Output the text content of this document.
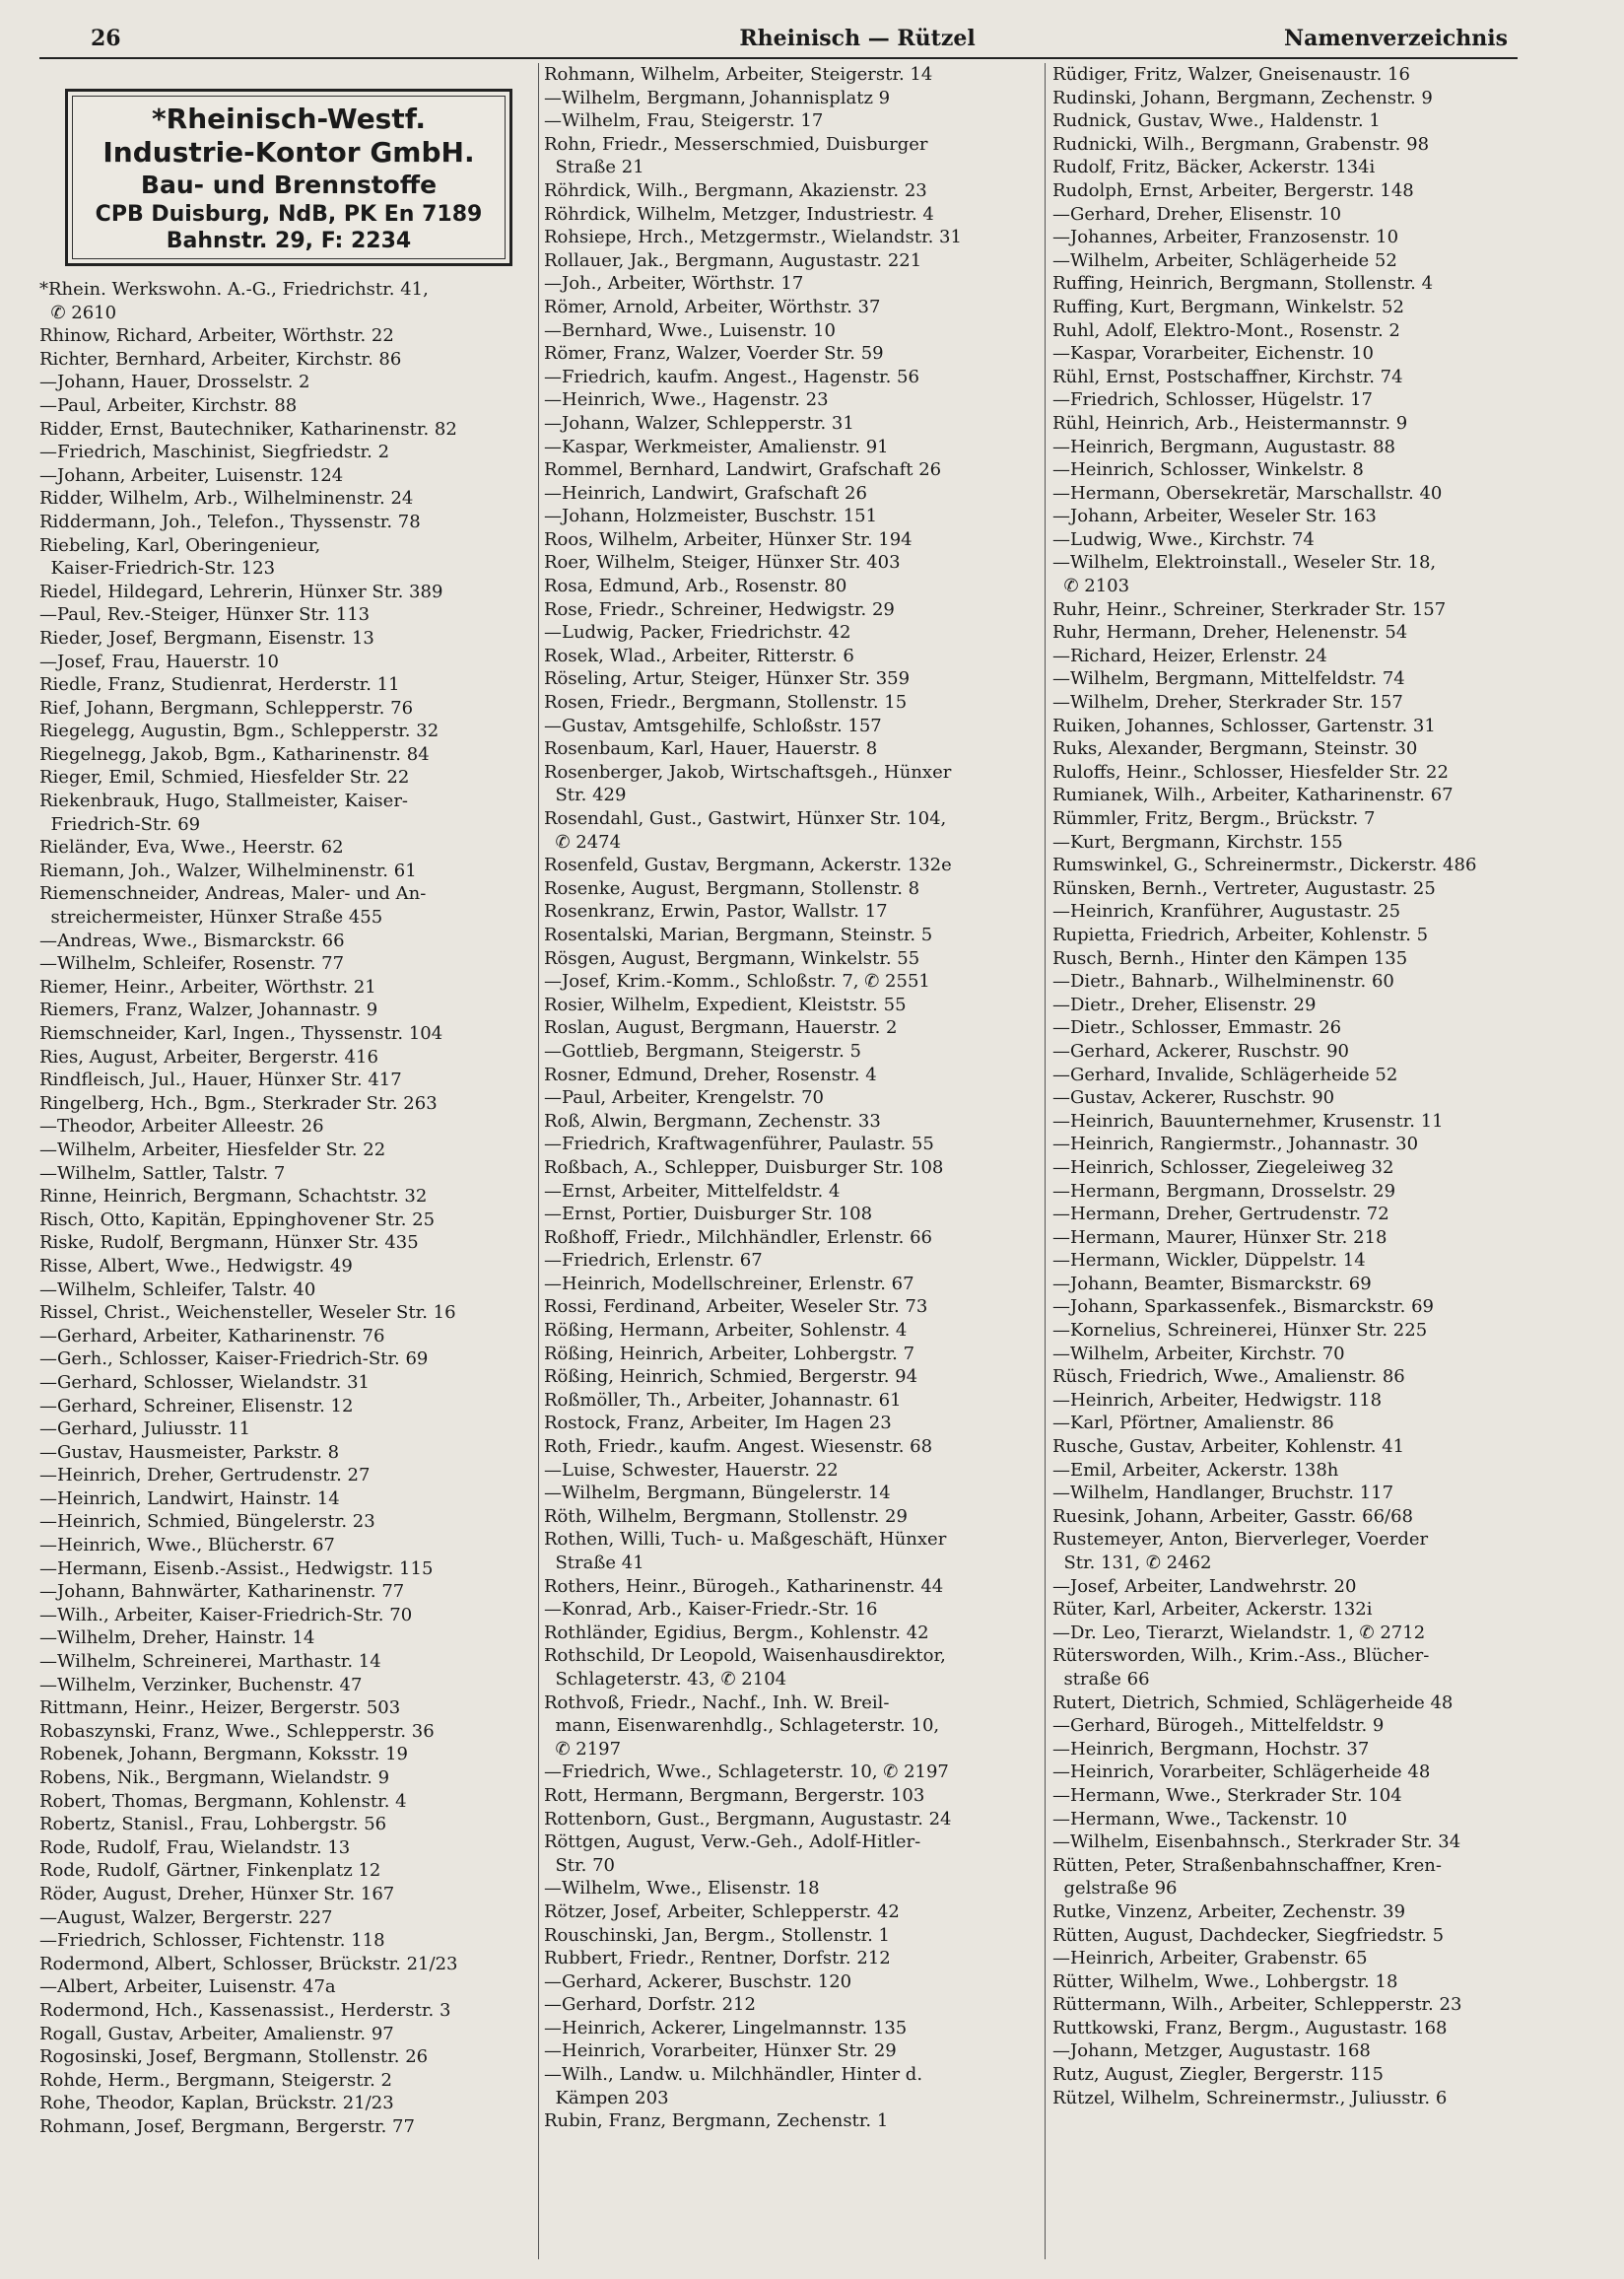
26	Rheinisch — Rützel	Namenverzeichnis
*Rheinisch-Westf.
Industrie-Kontor GmbH.
Bau- und Brennstoffe
CPB Duisburg, NdB, PK En 7189
Bahnstr. 29, F: 2234
*Rhein. Werkswohn. A.-G., Friedrichstr. 41,
✆ 2610
Rhinow, Richard, Arbeiter, Wörthstr. 22
Richter, Bernhard, Arbeiter, Kirchstr. 86
—Johann, Hauer, Drosselstr. 2
—Paul, Arbeiter, Kirchstr. 88
Ridder, Ernst, Bautechniker, Katharinenstr. 82
—Friedrich, Maschinist, Siegfriedstr. 2
—Johann, Arbeiter, Luisenstr. 124
Ridder, Wilhelm, Arb., Wilhelminenstr. 24
Riddermann, Joh., Telefon., Thyssenstr. 78
Riebeling, Karl, Oberingenieur,
Kaiser-Friedrich-Str. 123
Riedel, Hildegard, Lehrerin, Hünxer Str. 389
—Paul, Rev.-Steiger, Hünxer Str. 113
Rieder, Josef, Bergmann, Eisenstr. 13
—Josef, Frau, Hauerstr. 10
Riedle, Franz, Studienrat, Herderstr. 11
Rief, Johann, Bergmann, Schlepperstr. 76
Riegelegg, Augustin, Bgm., Schlepperstr. 32
Riegelnegg, Jakob, Bgm., Katharinenstr. 84
Rieger, Emil, Schmied, Hiesfelder Str. 22
Riekenbrauk, Hugo, Stallmeister, Kaiser-
Friedrich-Str. 69
Rieländer, Eva, Wwe., Heerstr. 62
Riemann, Joh., Walzer, Wilhelminenstr. 61
Riemenschneider, Andreas, Maler- und An-
streichermeister, Hünxer Straße 455
—Andreas, Wwe., Bismarckstr. 66
—Wilhelm, Schleifer, Rosenstr. 77
Riemer, Heinr., Arbeiter, Wörthstr. 21
Riemers, Franz, Walzer, Johannastr. 9
Riemschneider, Karl, Ingen., Thyssenstr. 104
Ries, August, Arbeiter, Bergerstr. 416
Rindfleisch, Jul., Hauer, Hünxer Str. 417
Ringelberg, Hch., Bgm., Sterkrader Str. 263
—Theodor, Arbeiter Alleestr. 26
—Wilhelm, Arbeiter, Hiesfelder Str. 22
—Wilhelm, Sattler, Talstr. 7
Rinne, Heinrich, Bergmann, Schachtstr. 32
Risch, Otto, Kapitän, Eppinghovener Str. 25
Riske, Rudolf, Bergmann, Hünxer Str. 435
Risse, Albert, Wwe., Hedwigstr. 49
—Wilhelm, Schleifer, Talstr. 40
Rissel, Christ., Weichensteller, Weseler Str. 16
—Gerhard, Arbeiter, Katharinenstr. 76
—Gerh., Schlosser, Kaiser-Friedrich-Str. 69
—Gerhard, Schlosser, Wielandstr. 31
—Gerhard, Schreiner, Elisenstr. 12
—Gerhard, Juliusstr. 11
—Gustav, Hausmeister, Parkstr. 8
—Heinrich, Dreher, Gertrudenstr. 27
—Heinrich, Landwirt, Hainstr. 14
—Heinrich, Schmied, Büngelerstr. 23
—Heinrich, Wwe., Blücherstr. 67
—Hermann, Eisenb.-Assist., Hedwigstr. 115
—Johann, Bahnwärter, Katharinenstr. 77
—Wilh., Arbeiter, Kaiser-Friedrich-Str. 70
—Wilhelm, Dreher, Hainstr. 14
—Wilhelm, Schreinerei, Marthastr. 14
—Wilhelm, Verzinker, Buchenstr. 47
Rittmann, Heinr., Heizer, Bergerstr. 503
Robaszynski, Franz, Wwe., Schlepperstr. 36
Robenek, Johann, Bergmann, Koksstr. 19
Robens, Nik., Bergmann, Wielandstr. 9
Robert, Thomas, Bergmann, Kohlenstr. 4
Robertz, Stanisl., Frau, Lohbergstr. 56
Rode, Rudolf, Frau, Wielandstr. 13
Rode, Rudolf, Gärtner, Finkenplatz 12
Röder, August, Dreher, Hünxer Str. 167
—August, Walzer, Bergerstr. 227
—Friedrich, Schlosser, Fichtenstr. 118
Rodermond, Albert, Schlosser, Brückstr. 21/23
—Albert, Arbeiter, Luisenstr. 47a
Rodermond, Hch., Kassenassist., Herderstr. 3
Rogall, Gustav, Arbeiter, Amalienstr. 97
Rogosinski, Josef, Bergmann, Stollenstr. 26
Rohde, Herm., Bergmann, Steigerstr. 2
Rohe, Theodor, Kaplan, Brückstr. 21/23
Rohmann, Josef, Bergmann, Bergerstr. 77
Rohmann, Wilhelm, Arbeiter, Steigerstr. 14
—Wilhelm, Bergmann, Johannisplatz 9
—Wilhelm, Frau, Steigerstr. 17
Rohn, Friedr., Messerschmied, Duisburger
Straße 21
Röhrdick, Wilh., Bergmann, Akazienstr. 23
Röhrdick, Wilhelm, Metzger, Industriestr. 4
Rohsiepe, Hrch., Metzgermstr., Wielandstr. 31
Rollauer, Jak., Bergmann, Augustastr. 221
—Joh., Arbeiter, Wörthstr. 17
Römer, Arnold, Arbeiter, Wörthstr. 37
—Bernhard, Wwe., Luisenstr. 10
Römer, Franz, Walzer, Voerder Str. 59
—Friedrich, kaufm. Angest., Hagenstr. 56
—Heinrich, Wwe., Hagenstr. 23
—Johann, Walzer, Schlepperstr. 31
—Kaspar, Werkmeister, Amalienstr. 91
Rommel, Bernhard, Landwirt, Grafschaft 26
—Heinrich, Landwirt, Grafschaft 26
—Johann, Holzmeister, Buschstr. 151
Roos, Wilhelm, Arbeiter, Hünxer Str. 194
Roer, Wilhelm, Steiger, Hünxer Str. 403
Rosa, Edmund, Arb., Rosenstr. 80
Rose, Friedr., Schreiner, Hedwigstr. 29
—Ludwig, Packer, Friedrichstr. 42
Rosek, Wlad., Arbeiter, Ritterstr. 6
Röseling, Artur, Steiger, Hünxer Str. 359
Rosen, Friedr., Bergmann, Stollenstr. 15
—Gustav, Amtsgehilfe, Schloßstr. 157
Rosenbaum, Karl, Hauer, Hauerstr. 8
Rosenberger, Jakob, Wirtschaftsgeh., Hünxer
Str. 429
Rosendahl, Gust., Gastwirt, Hünxer Str. 104,
✆ 2474
Rosenfeld, Gustav, Bergmann, Ackerstr. 132e
Rosenke, August, Bergmann, Stollenstr. 8
Rosenkranz, Erwin, Pastor, Wallstr. 17
Rosentalski, Marian, Bergmann, Steinstr. 5
Rösgen, August, Bergmann, Winkelstr. 55
—Josef, Krim.-Komm., Schloßstr. 7, ✆ 2551
Rosier, Wilhelm, Expedient, Kleiststr. 55
Roslan, August, Bergmann, Hauerstr. 2
—Gottlieb, Bergmann, Steigerstr. 5
Rosner, Edmund, Dreher, Rosenstr. 4
—Paul, Arbeiter, Krengelstr. 70
Roß, Alwin, Bergmann, Zechenstr. 33
—Friedrich, Kraftwagenführer, Paulastr. 55
Roßbach, A., Schlepper, Duisburger Str. 108
—Ernst, Arbeiter, Mittelfeldstr. 4
—Ernst, Portier, Duisburger Str. 108
Roßhoff, Friedr., Milchhändler, Erlenstr. 66
—Friedrich, Erlenstr. 67
—Heinrich, Modellschreiner, Erlenstr. 67
Rossi, Ferdinand, Arbeiter, Weseler Str. 73
Rößing, Hermann, Arbeiter, Sohlenstr. 4
Rößing, Heinrich, Arbeiter, Lohbergstr. 7
Rößing, Heinrich, Schmied, Bergerstr. 94
Roßmöller, Th., Arbeiter, Johannastr. 61
Rostock, Franz, Arbeiter, Im Hagen 23
Roth, Friedr., kaufm. Angest. Wiesenstr. 68
—Luise, Schwester, Hauerstr. 22
—Wilhelm, Bergmann, Büngelerstr. 14
Röth, Wilhelm, Bergmann, Stollenstr. 29
Rothen, Willi, Tuch- u. Maßgeschäft, Hünxer
Straße 41
Rothers, Heinr., Bürogeh., Katharinenstr. 44
—Konrad, Arb., Kaiser-Friedr.-Str. 16
Rothländer, Egidius, Bergm., Kohlenstr. 42
Rothschild, Dr Leopold, Waisenhausdirektor,
Schlageterstr. 43, ✆ 2104
Rothvoß, Friedr., Nachf., Inh. W. Breil-
mann, Eisenwarenhdlg., Schlageterstr. 10,
✆ 2197
—Friedrich, Wwe., Schlageterstr. 10, ✆ 2197
Rott, Hermann, Bergmann, Bergerstr. 103
Rottenborn, Gust., Bergmann, Augustastr. 24
Röttgen, August, Verw.-Geh., Adolf-Hitler-
Str. 70
—Wilhelm, Wwe., Elisenstr. 18
Rötzer, Josef, Arbeiter, Schlepperstr. 42
Rouschinski, Jan, Bergm., Stollenstr. 1
Rubbert, Friedr., Rentner, Dorfstr. 212
—Gerhard, Ackerer, Buschstr. 120
—Gerhard, Dorfstr. 212
—Heinrich, Ackerer, Lingelmannstr. 135
—Heinrich, Vorarbeiter, Hünxer Str. 29
—Wilh., Landw. u. Milchhändler, Hinter d.
Kämpen 203
Rubin, Franz, Bergmann, Zechenstr. 1
Rüdiger, Fritz, Walzer, Gneisenaustr. 16
Rudinski, Johann, Bergmann, Zechenstr. 9
Rudnick, Gustav, Wwe., Haldenstr. 1
Rudnicki, Wilh., Bergmann, Grabenstr. 98
Rudolf, Fritz, Bäcker, Ackerstr. 134i
Rudolph, Ernst, Arbeiter, Bergerstr. 148
—Gerhard, Dreher, Elisenstr. 10
—Johannes, Arbeiter, Franzosenstr. 10
—Wilhelm, Arbeiter, Schlägerheide 52
Ruffing, Heinrich, Bergmann, Stollenstr. 4
Ruffing, Kurt, Bergmann, Winkelstr. 52
Ruhl, Adolf, Elektro-Mont., Rosenstr. 2
—Kaspar, Vorarbeiter, Eichenstr. 10
Rühl, Ernst, Postschaffner, Kirchstr. 74
—Friedrich, Schlosser, Hügelstr. 17
Rühl, Heinrich, Arb., Heistermannstr. 9
—Heinrich, Bergmann, Augustastr. 88
—Heinrich, Schlosser, Winkelstr. 8
—Hermann, Obersekretär, Marschallstr. 40
—Johann, Arbeiter, Weseler Str. 163
—Ludwig, Wwe., Kirchstr. 74
—Wilhelm, Elektroinstall., Weseler Str. 18,
✆ 2103
Ruhr, Heinr., Schreiner, Sterkrader Str. 157
Ruhr, Hermann, Dreher, Helenenstr. 54
—Richard, Heizer, Erlenstr. 24
—Wilhelm, Bergmann, Mittelfeldstr. 74
—Wilhelm, Dreher, Sterkrader Str. 157
Ruiken, Johannes, Schlosser, Gartenstr. 31
Ruks, Alexander, Bergmann, Steinstr. 30
Ruloffs, Heinr., Schlosser, Hiesfelder Str. 22
Rumianek, Wilh., Arbeiter, Katharinenstr. 67
Rümmler, Fritz, Bergm., Brückstr. 7
—Kurt, Bergmann, Kirchstr. 155
Rumswinkel, G., Schreinermstr., Dickerstr. 486
Rünsken, Bernh., Vertreter, Augustastr. 25
—Heinrich, Kranführer, Augustastr. 25
Rupietta, Friedrich, Arbeiter, Kohlenstr. 5
Rusch, Bernh., Hinter den Kämpen 135
—Dietr., Bahnarb., Wilhelminenstr. 60
—Dietr., Dreher, Elisenstr. 29
—Dietr., Schlosser, Emmastr. 26
—Gerhard, Ackerer, Ruschstr. 90
—Gerhard, Invalide, Schlägerheide 52
—Gustav, Ackerer, Ruschstr. 90
—Heinrich, Bauunternehmer, Krusenstr. 11
—Heinrich, Rangiermstr., Johannastr. 30
—Heinrich, Schlosser, Ziegeleiweg 32
—Hermann, Bergmann, Drosselstr. 29
—Hermann, Dreher, Gertrudenstr. 72
—Hermann, Maurer, Hünxer Str. 218
—Hermann, Wickler, Düppelstr. 14
—Johann, Beamter, Bismarckstr. 69
—Johann, Sparkassenfek., Bismarckstr. 69
—Kornelius, Schreinerei, Hünxer Str. 225
—Wilhelm, Arbeiter, Kirchstr. 70
Rüsch, Friedrich, Wwe., Amalienstr. 86
—Heinrich, Arbeiter, Hedwigstr. 118
—Karl, Pförtner, Amalienstr. 86
Rusche, Gustav, Arbeiter, Kohlenstr. 41
—Emil, Arbeiter, Ackerstr. 138h
—Wilhelm, Handlanger, Bruchstr. 117
Ruesink, Johann, Arbeiter, Gasstr. 66/68
Rustemeyer, Anton, Bierverleger, Voerder
Str. 131, ✆ 2462
—Josef, Arbeiter, Landwehrstr. 20
Rüter, Karl, Arbeiter, Ackerstr. 132i
—Dr. Leo, Tierarzt, Wielandstr. 1, ✆ 2712
Rütersworden, Wilh., Krim.-Ass., Blücher-
straße 66
Rutert, Dietrich, Schmied, Schlägerheide 48
—Gerhard, Bürogeh., Mittelfeldstr. 9
—Heinrich, Bergmann, Hochstr. 37
—Heinrich, Vorarbeiter, Schlägerheide 48
—Hermann, Wwe., Sterkrader Str. 104
—Hermann, Wwe., Tackenstr. 10
—Wilhelm, Eisenbahnsch., Sterkrader Str. 34
Rütten, Peter, Straßenbahnschaffner, Kren-
gelstraße 96
Rutke, Vinzenz, Arbeiter, Zechenstr. 39
Rütten, August, Dachdecker, Siegfriedstr. 5
—Heinrich, Arbeiter, Grabenstr. 65
Rütter, Wilhelm, Wwe., Lohbergstr. 18
Rüttermann, Wilh., Arbeiter, Schlepperstr. 23
Ruttkowski, Franz, Bergm., Augustastr. 168
—Johann, Metzger, Augustastr. 168
Rutz, August, Ziegler, Bergerstr. 115
Rützel, Wilhelm, Schreinermstr., Juliusstr. 6
